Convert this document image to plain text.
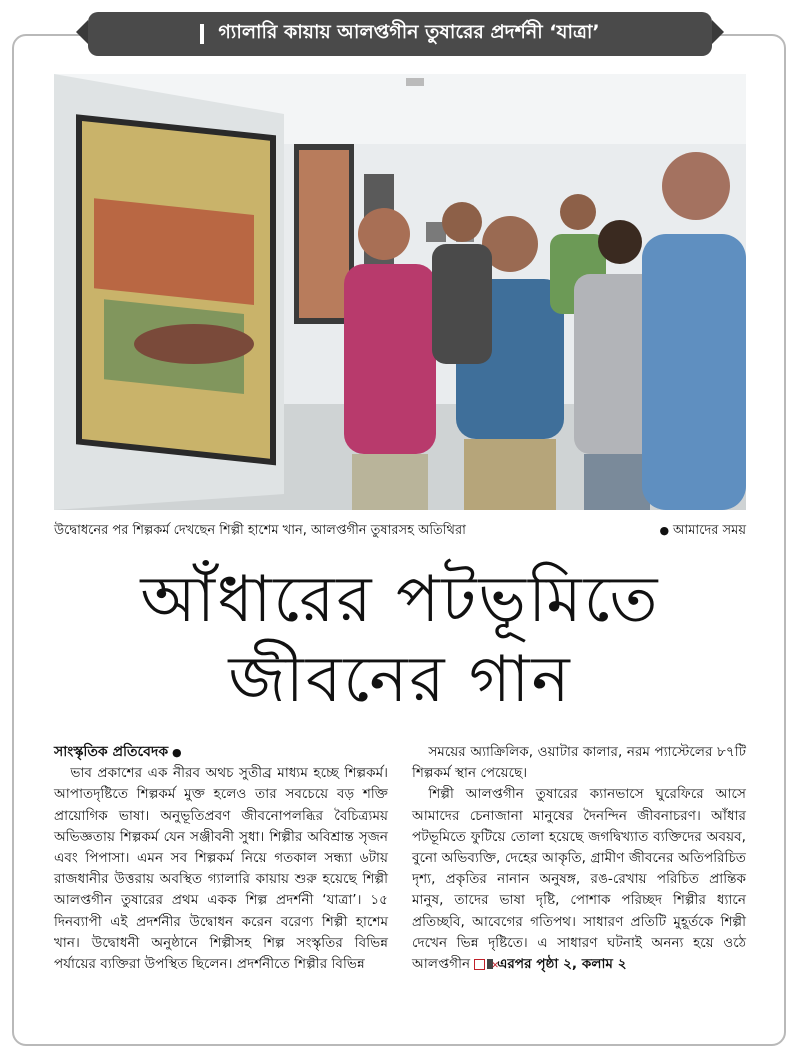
গ্যালারি কায়ায় আলপ্তগীন তুষারের প্রদর্শনী ‘যাত্রা’
উদ্বোধনের পর শিল্পকর্ম দেখছেন শিল্পী হাশেম খান, আলপ্তগীন তুষারসহ অতিথিরা	● আমাদের সময়
আঁধারের পটভূমিতে
জীবনের গান
সাংস্কৃতিক প্রতিবেদক ●

ভাব প্রকাশের এক নীরব অথচ সুতীব্র মাধ্যম হচ্ছে শিল্পকর্ম। আপাতদৃষ্টিতে শিল্পকর্ম মুক্ত হলেও তার সবচেয়ে বড় শক্তি প্রায়োগিক ভাষা। অনুভূতিপ্রবণ জীবনোপলব্ধির বৈচিত্র্যময় অভিজ্ঞতায় শিল্পকর্ম যেন সঞ্জীবনী সুধা। শিল্পীর অবিশ্রান্ত সৃজন এবং পিপাসা। এমন সব শিল্পকর্ম নিয়ে গতকাল সন্ধ্যা ৬টায় রাজধানীর উত্তরায় অবস্থিত গ্যালারি কায়ায় শুরু হয়েছে শিল্পী আলপ্তগীন তুষারের প্রথম একক শিল্প প্রদর্শনী ‘যাত্রা’। ১৫ দিনব্যাপী এই প্রদর্শনীর উদ্বোধন করেন বরেণ্য শিল্পী হাশেম খান। উদ্বোধনী অনুষ্ঠানে শিল্পীসহ শিল্প সংস্কৃতির বিভিন্ন পর্যায়ের ব্যক্তিরা উপস্থিত ছিলেন। প্রদর্শনীতে শিল্পীর বিভিন্ন

সময়ের অ্যাক্রিলিক, ওয়াটার কালার, নরম প্যাস্টেলের ৮৭টি শিল্পকর্ম স্থান পেয়েছে।

শিল্পী আলপ্তগীন তুষারের ক্যানভাসে ঘুরেফিরে আসে আমাদের চেনাজানা মানুষের দৈনন্দিন জীবনাচরণ। আঁধার পটভূমিতে ফুটিয়ে তোলা হয়েছে জগদ্বিখ্যাত ব্যক্তিদের অবয়ব, বুনো অভিব্যক্তি, দেহের আকৃতি, গ্রামীণ জীবনের অতিপরিচিত দৃশ্য, প্রকৃতির নানান অনুষঙ্গ, রঙ-রেখায় পরিচিত প্রান্তিক মানুষ, তাদের ভাষা দৃষ্টি, পোশাক পরিচ্ছদ শিল্পীর ধ্যানে প্রতিচ্ছবি, আবেগের গতিপথ। সাধারণ প্রতিটি মুহূর্তকে শিল্পী দেখেন ভিন্ন দৃষ্টিতে। এ সাধারণ ঘটনাই অনন্য হয়ে ওঠে আলপ্তগীন ✕ এরপর পৃষ্ঠা ২, কলাম ২
